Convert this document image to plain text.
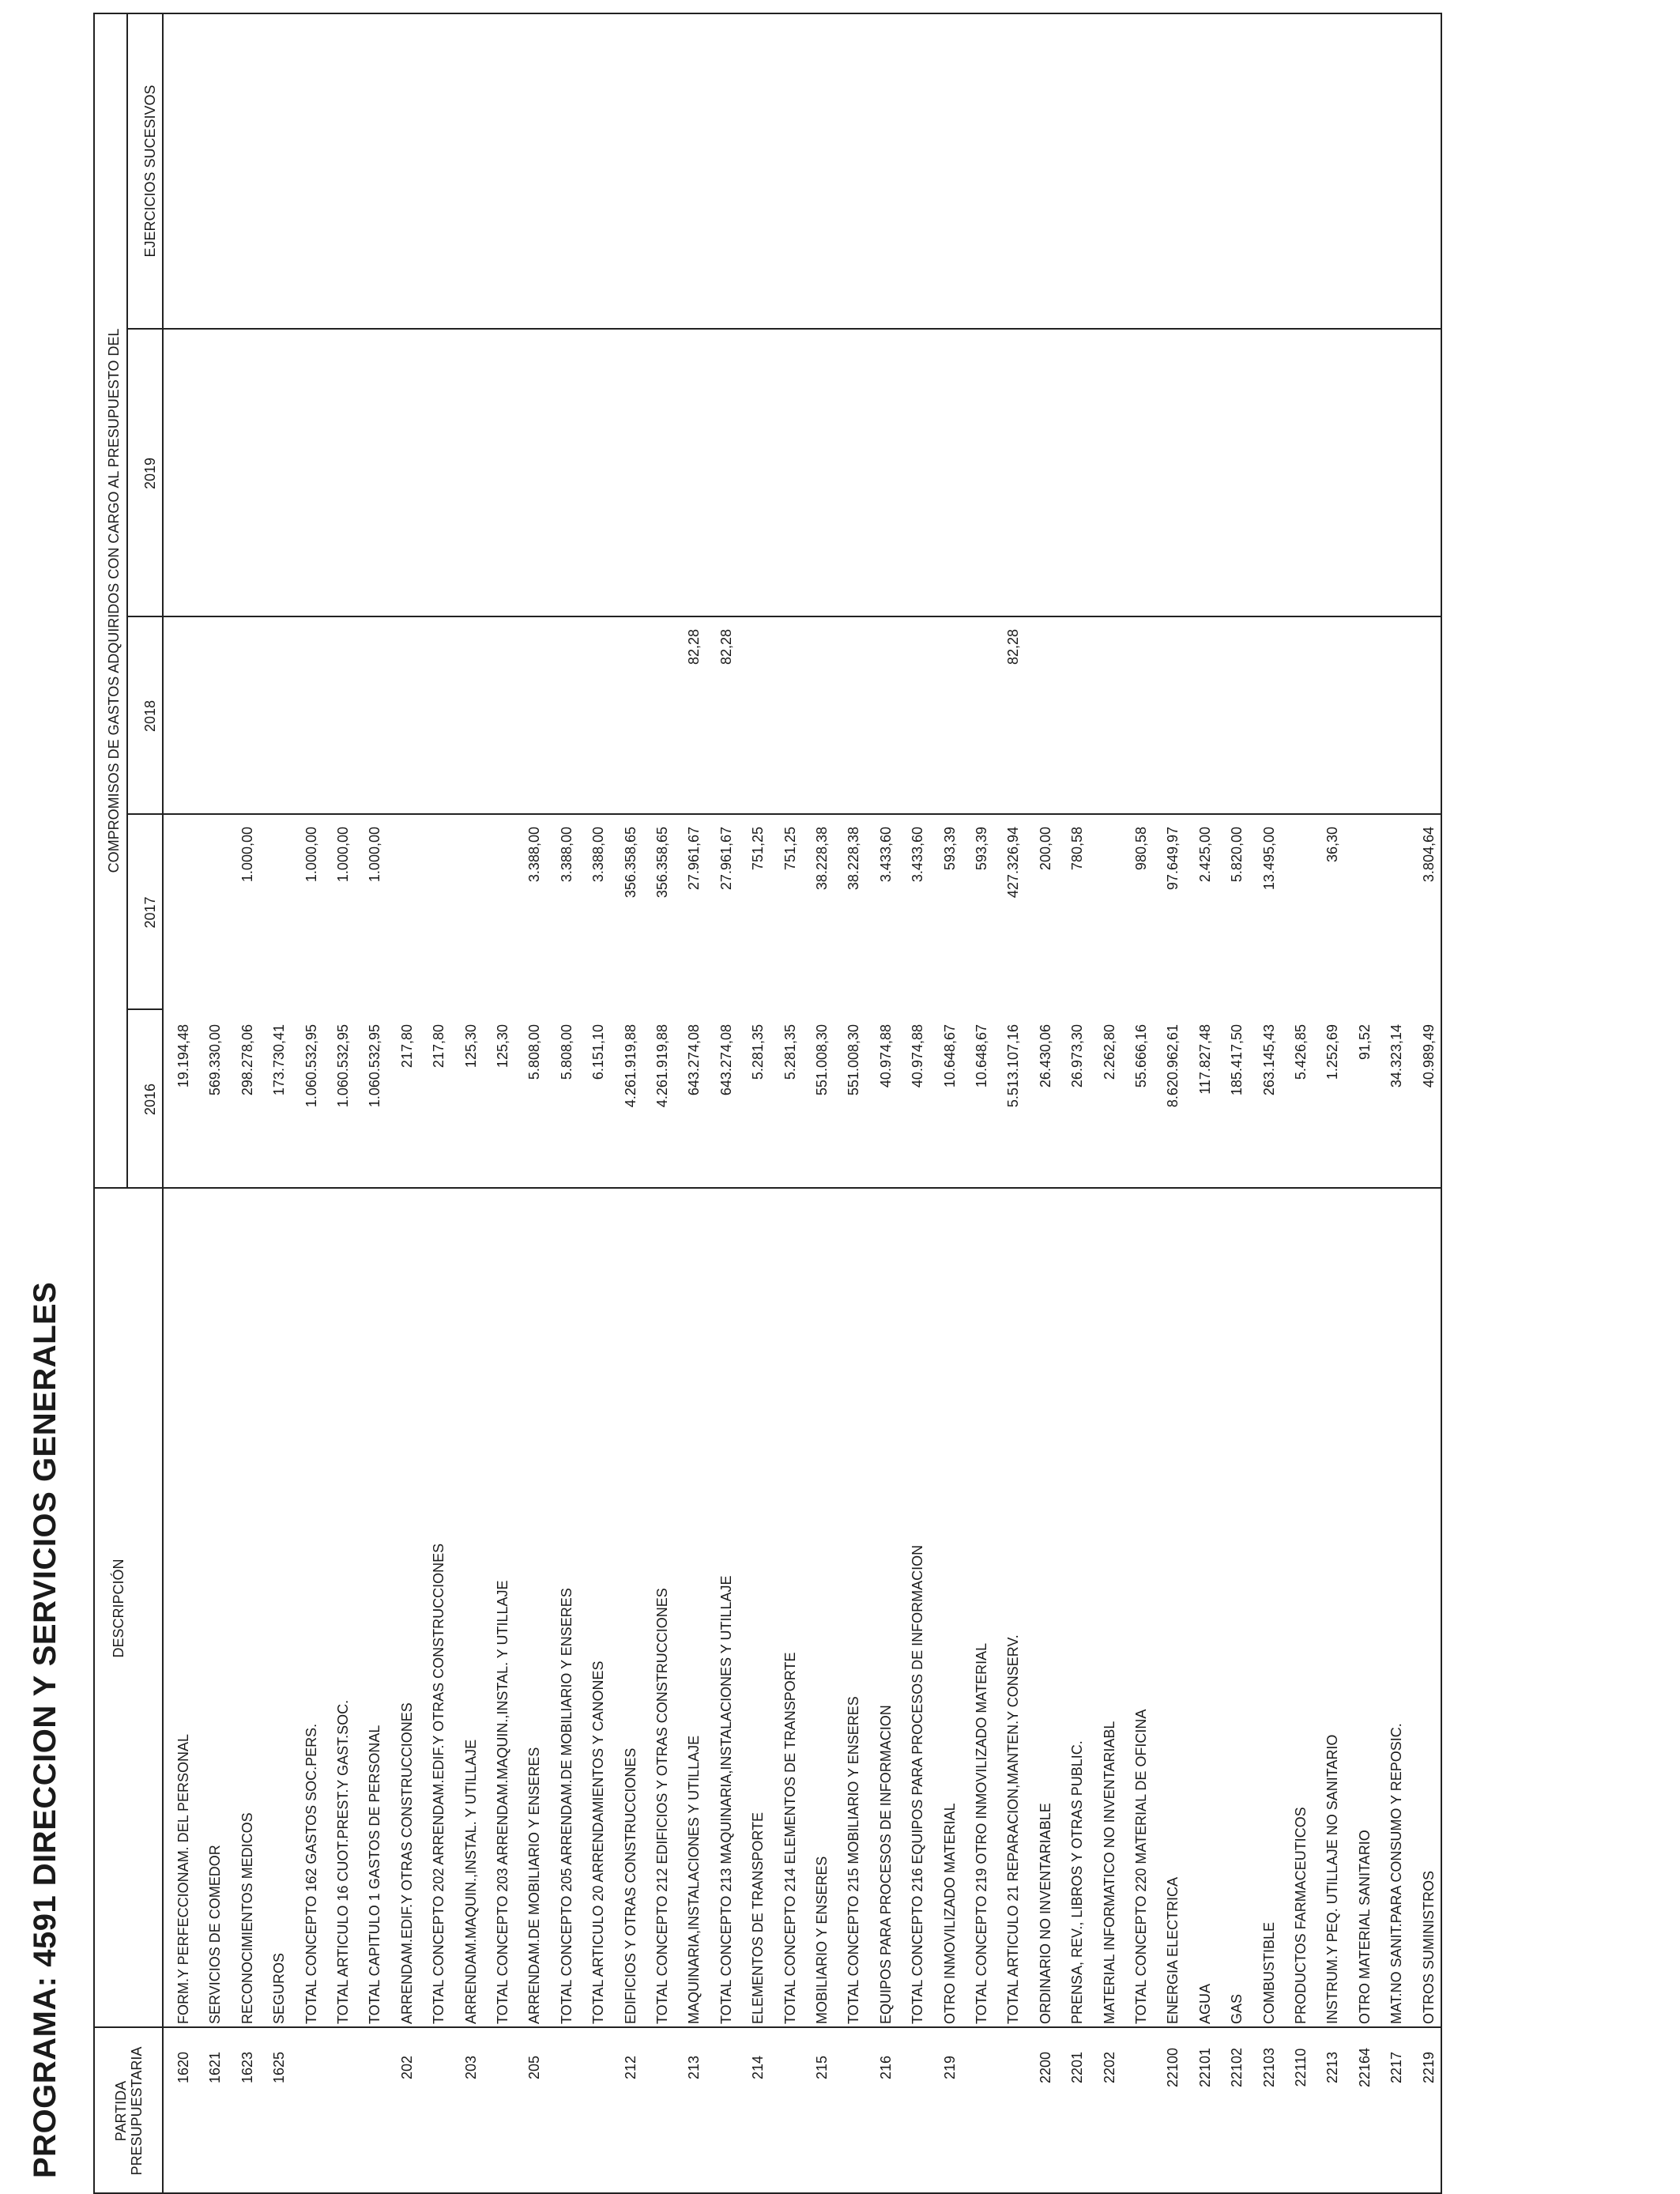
PROGRAMA: 4591 DIRECCION Y SERVICIOS GENERALES	PARTIDA PRESUPUESTARIA
DESCRIPCIÓN
COMPROMISOS DE GASTOS ADQUIRIDOS CON CARGO AL PRESUPUESTO DEL
2016
2017
2018
2019
EJERCICIOS SUCESIVOS
1620
FORM.Y PERFECCIONAM. DEL PERSONAL
19.194,48
1621
SERVICIOS DE COMEDOR
569.330,00
1623
RECONOCIMIENTOS MEDICOS
298.278,06
1.000,00
1625
SEGUROS
173.730,41
TOTAL CONCEPTO 162 GASTOS SOC.PERS.
1.060.532,95
1.000,00
TOTAL ARTICULO 16 CUOT.PREST.Y GAST.SOC.
1.060.532,95
1.000,00
TOTAL CAPITULO 1 GASTOS DE PERSONAL
1.060.532,95
1.000,00
202
ARRENDAM.EDIF.Y OTRAS CONSTRUCCIONES
217,80
TOTAL CONCEPTO 202 ARRENDAM.EDIF.Y OTRAS CONSTRUCCIONES
217,80
203
ARRENDAM.MAQUIN.,INSTAL. Y UTILLAJE
125,30
TOTAL CONCEPTO 203 ARRENDAM.MAQUIN.,INSTAL. Y UTILLAJE
125,30
205
ARRENDAM.DE MOBILIARIO Y ENSERES
5.808,00
3.388,00
TOTAL CONCEPTO 205 ARRENDAM.DE MOBILIARIO Y ENSERES
5.808,00
3.388,00
TOTAL ARTICULO 20 ARRENDAMIENTOS Y CANONES
6.151,10
3.388,00
212
EDIFICIOS Y OTRAS CONSTRUCCIONES
4.261.919,88
356.358,65
TOTAL CONCEPTO 212 EDIFICIOS Y OTRAS CONSTRUCCIONES
4.261.919,88
356.358,65
213
MAQUINARIA,INSTALACIONES Y UTILLAJE
643.274,08
27.961,67
82,28
TOTAL CONCEPTO 213 MAQUINARIA,INSTALACIONES Y UTILLAJE
643.274,08
27.961,67
82,28
214
ELEMENTOS DE TRANSPORTE
5.281,35
751,25
TOTAL CONCEPTO 214 ELEMENTOS DE TRANSPORTE
5.281,35
751,25
215
MOBILIARIO Y ENSERES
551.008,30
38.228,38
TOTAL CONCEPTO 215 MOBILIARIO Y ENSERES
551.008,30
38.228,38
216
EQUIPOS PARA PROCESOS DE INFORMACION
40.974,88
3.433,60
TOTAL CONCEPTO 216 EQUIPOS PARA PROCESOS DE INFORMACION
40.974,88
3.433,60
219
OTRO INMOVILIZADO MATERIAL
10.648,67
593,39
TOTAL CONCEPTO 219 OTRO INMOVILIZADO MATERIAL
10.648,67
593,39
TOTAL ARTICULO 21 REPARACION,MANTEN.Y CONSERV.
5.513.107,16
427.326,94
82,28
2200
ORDINARIO NO INVENTARIABLE
26.430,06
200,00
2201
PRENSA, REV., LIBROS Y OTRAS PUBLIC.
26.973,30
780,58
2202
MATERIAL INFORMATICO NO INVENTARIABL
2.262,80
TOTAL CONCEPTO 220 MATERIAL DE OFICINA
55.666,16
980,58
22100
ENERGIA ELECTRICA
8.620.962,61
97.649,97
22101
AGUA
117.827,48
2.425,00
22102
GAS
185.417,50
5.820,00
22103
COMBUSTIBLE
263.145,43
13.495,00
22110
PRODUCTOS FARMACEUTICOS
5.426,85
2213
INSTRUM.Y PEQ. UTILLAJE NO SANITARIO
1.252,69
36,30
22164
OTRO MATERIAL SANITARIO
91,52
2217
MAT.NO SANIT.PARA CONSUMO Y REPOSIC.
34.323,14
2219
OTROS SUMINISTROS
40.989,49
3.804,64
